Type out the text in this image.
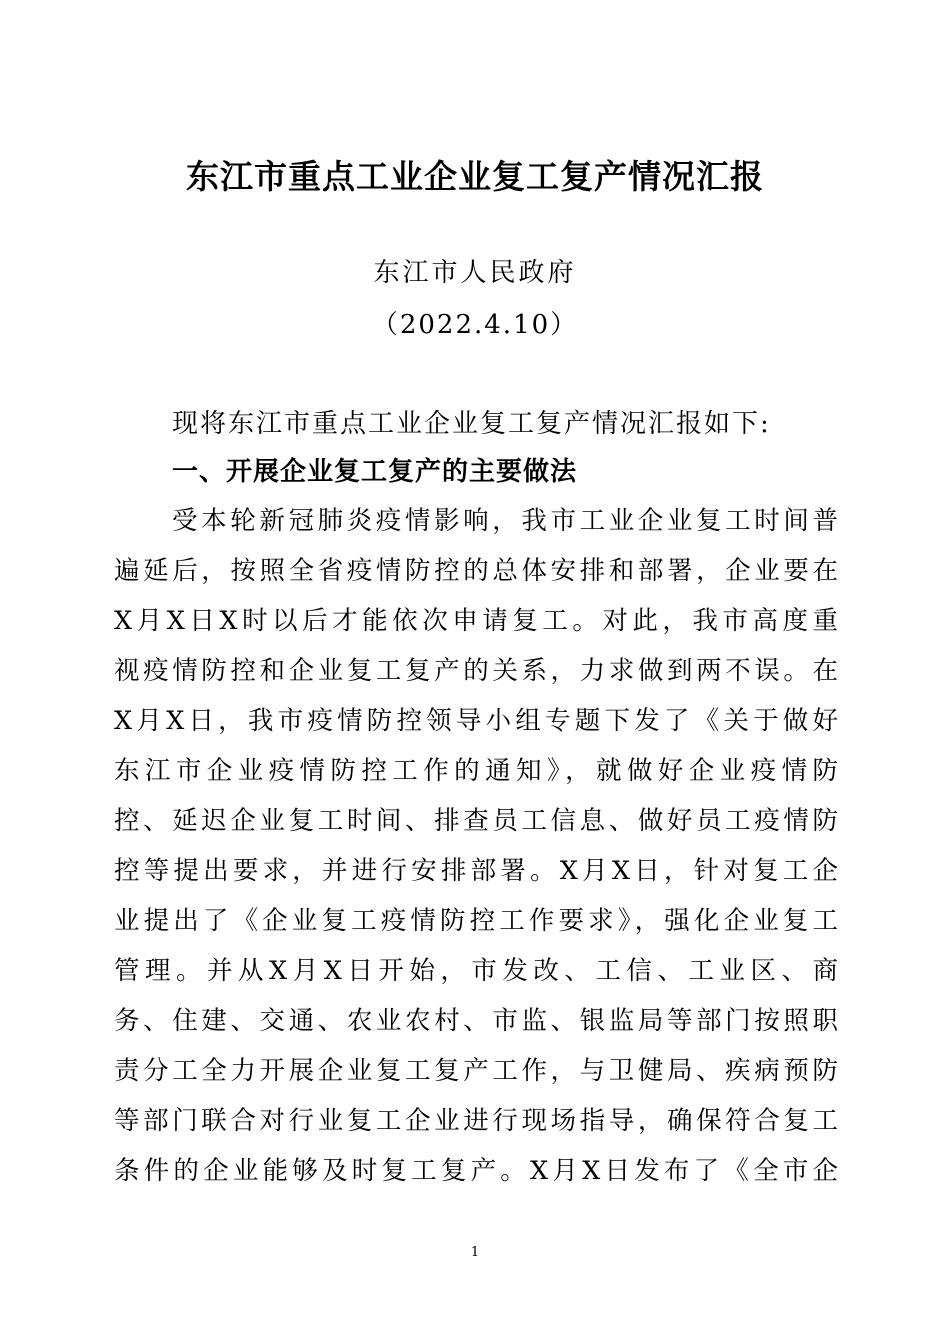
东江市重点工业企业复工复产情况汇报
东江市人民政府
（2022.4.10）
现将东江市重点工业企业复工复产情况汇报如下:
一、开展企业复工复产的主要做法
受本轮新冠肺炎疫情影响，我市工业企业复工时间普
遍延后，按照全省疫情防控的总体安排和部署，企业要在
X月X日X时以后才能依次申请复工。对此，我市高度重
视疫情防控和企业复工复产的关系，力求做到两不误。在
X月X日，我市疫情防控领导小组专题下发了《关于做好
东江市企业疫情防控工作的通知》，就做好企业疫情防
控、延迟企业复工时间、排查员工信息、做好员工疫情防
控等提出要求，并进行安排部署。X月X日，针对复工企
业提出了《企业复工疫情防控工作要求》，强化企业复工
管理。并从X月X日开始，市发改、工信、工业区、商
务、住建、交通、农业农村、市监、银监局等部门按照职
责分工全力开展企业复工复产工作，与卫健局、疾病预防
等部门联合对行业复工企业进行现场指导，确保符合复工
条件的企业能够及时复工复产。X月X日发布了《全市企
1
